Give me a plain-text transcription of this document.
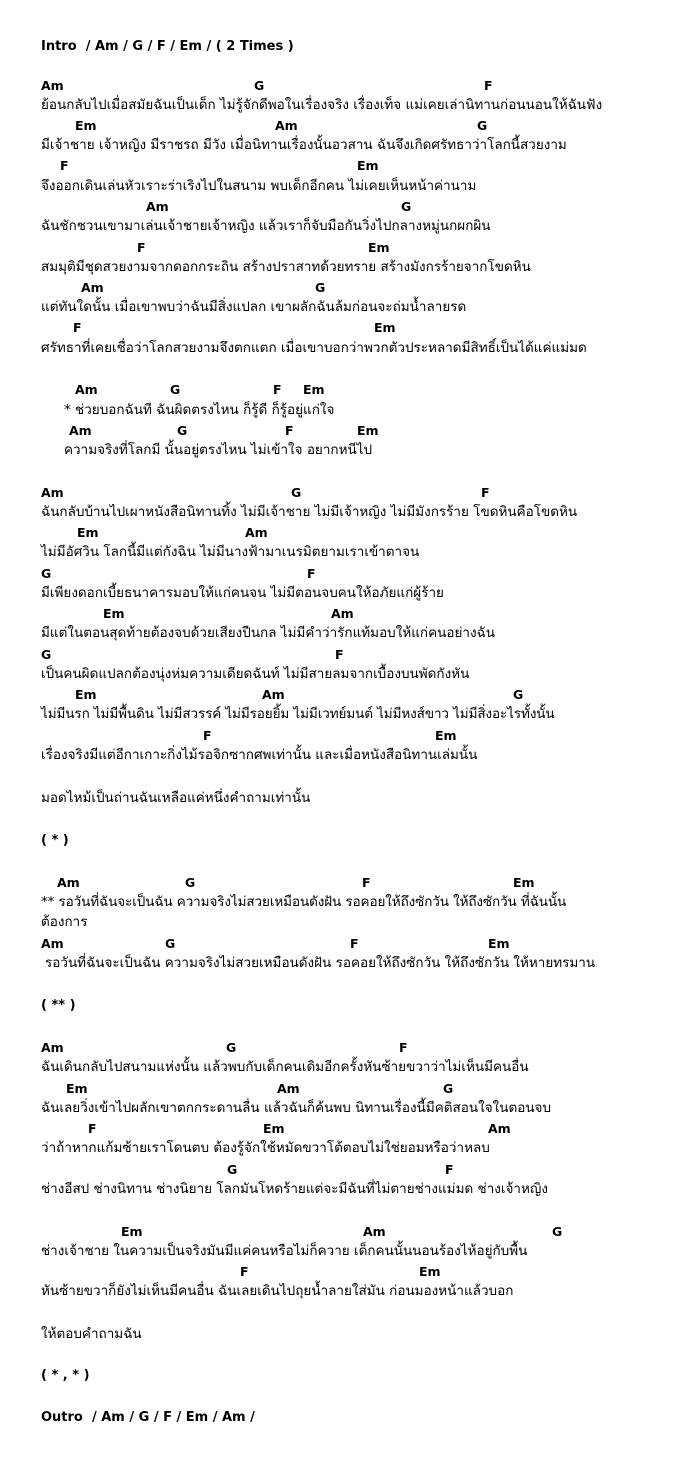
Intro / Am / G / F / Em / ( 2 Times )
Am	G	F
ย้อนกลับไปเมื่อสมัยฉันเป็นเด็ก ไม่รู้จักดีพอในเรื่องจริง เรื่องเท็จ แม่เคยเล่านิทานก่อนนอนให้ฉันฟัง
Em	Am	G
มีเจ้าชาย เจ้าหญิง มีราชรถ มีวัง เมื่อนิทานเรื่องนั้นอวสาน ฉันจึงเกิดศรัทธาว่าโลกนี้สวยงาม
F	Em
จึงออกเดินเล่นหัวเราะร่าเริงไปในสนาม พบเด็กอีกคน ไม่เคยเห็นหน้าค่านาม
Am	G
ฉันชักชวนเขามาเล่นเจ้าชายเจ้าหญิง แล้วเราก็จับมือกันวิ่งไปกลางหมู่นกผกผิน
F	Em
สมมุติมีชุดสวยงามจากดอกกระถิน สร้างปราสาทด้วยทราย สร้างมังกรร้ายจากโขดหิน
Am	G
แต่ทันใดนั้น เมื่อเขาพบว่าฉันมีสิ่งแปลก เขาผลักฉันล้มก่อนจะถ่มน้ำลายรด
F	Em
ศรัทธาที่เคยเชื่อว่าโลกสวยงามจึงตกแตก เมื่อเขาบอกว่าพวกตัวประหลาดมีสิทธิ์เป็นได้แค่แม่มด
Am	G	F Em
* ช่วยบอกฉันที ฉันผิดตรงไหน ก็รู้ดี ก็รู้อยู่แก่ใจ
Am	G	F	Em
ความจริงที่โลกมี นั้นอยู่ตรงไหน ไม่เข้าใจ อยากหนีไป
Am	G	F
ฉันกลับบ้านไปเผาหนังสือนิทานทิ้ง ไม่มีเจ้าชาย ไม่มีเจ้าหญิง ไม่มีมังกรร้าย โขดหินคือโขดหิน
Em	Am
ไม่มีอัศวิน โลกนี้มีแต่กังฉิน ไม่มีนางฟ้ามาเนรมิตยามเราเข้าตาจน
G	F
มีเพียงดอกเบี้ยธนาคารมอบให้แก่คนจน ไม่มีตอนจบคนให้อภัยแก่ผู้ร้าย
Em	Am
มีแต่ในตอนสุดท้ายต้องจบด้วยเสียงปืนกล ไม่มีคำว่ารักแท้มอบให้แก่คนอย่างฉัน
G	F
เป็นคนผิดแปลกต้องนุ่งห่มความเดียดฉันท์ ไม่มีสายลมจากเบื้องบนพัดกังหัน
Em	Am	G
ไม่มีนรก ไม่มีพื้นดิน ไม่มีสวรรค์ ไม่มีรอยยิ้ม ไม่มีเวทย์มนต์ ไม่มีหงส์ขาว ไม่มีสิ่งอะไรทั้งนั้น
F	Em
เรื่องจริงมีแต่อีกาเกาะกิ่งไม้รอจิกซากศพเท่านั้น และเมื่อหนังสือนิทานเล่มนั้น
มอดไหม้เป็นถ่านฉันเหลือแค่หนึ่งคำถามเท่านั้น
( * )
Am	G	F	Em
** รอวันที่ฉันจะเป็นฉัน ความจริงไม่สวยเหมือนดังฝัน รอคอยให้ถึงซักวัน ให้ถึงซักวัน ที่ฉันนั้น
ต้องการ
Am	G	F	Em
รอวันที่ฉันจะเป็นฉัน ความจริงไม่สวยเหมือนดังฝัน รอคอยให้ถึงซักวัน ให้ถึงซักวัน ให้หายทรมาน
( ** )
Am	G	F
ฉันเดินกลับไปสนามแห่งนั้น แล้วพบกับเด็กคนเดิมอีกครั้งหันซ้ายขวาว่าไม่เห็นมีคนอื่น
Em	Am	G
ฉันเลยวิ่งเข้าไปผลักเขาตกกระดานลื่น แล้วฉันก็ค้นพบ นิทานเรื่องนี้มีคติสอนใจในตอนจบ
F	Em	Am
ว่าถ้าหากแก้มซ้ายเราโดนตบ ต้องรู้จักใช้หมัดขวาโต้ตอบไม่ใช่ยอมหรือว่าหลบ
G	F
ช่างอีสป ช่างนิทาน ช่างนิยาย โลกมันโหดร้ายแต่จะมีฉันที่ไม่ตายช่างแม่มด ช่างเจ้าหญิง
Em	Am	G
ช่างเจ้าชาย ในความเป็นจริงมันมีแค่คนหรือไม่ก็ควาย เด็กคนนั้นนอนร้องไห้อยู่กับพื้น
F	Em
หันซ้ายขวาก็ยังไม่เห็นมีคนอื่น ฉันเลยเดินไปถุยน้ำลายใส่มัน ก่อนมองหน้าแล้วบอก
ให้ตอบคำถามฉัน
( * , * )
Outro / Am / G / F / Em / Am /
